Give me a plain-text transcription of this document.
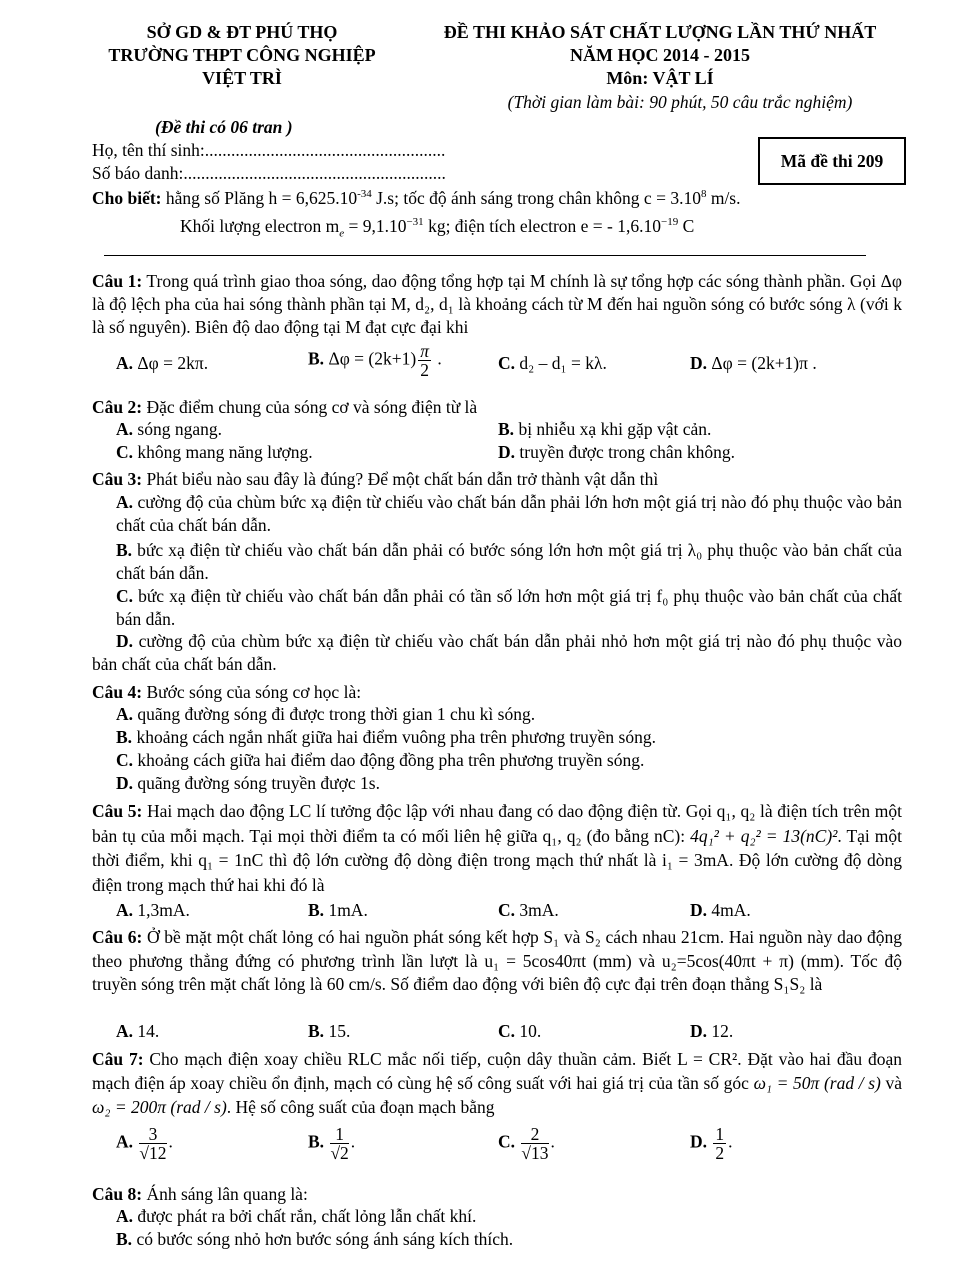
SỞ GD & ĐT PHÚ THỌ
TRƯỜNG THPT CÔNG NGHIỆP
VIỆT TRÌ
ĐỀ THI KHẢO SÁT CHẤT LƯỢNG LẦN THỨ NHẤT
NĂM HỌC 2014 - 2015
Môn: VẬT LÍ
(Thời gian làm bài: 90 phút, 50 câu trắc nghiệm)
(Đề thi có 06 tran )
Họ, tên thí sinh:.......................................................
Số báo danh:............................................................
Mã đề thi 209
Cho biết: hằng số Plăng $h = 6,625.10^{-34}$ J.s; tốc độ ánh sáng trong chân không $c = 3.10^8$ m/s.
Khối lượng electron $m_e = 9,1.10^{-31}$ kg; điện tích electron e = - $1,6.10^{-19}$ C
Câu 1: Trong quá trình giao thoa sóng, dao động tổng hợp tại M chính là sự tổng hợp các sóng thành phần. Gọi Δφ là độ lệch pha của hai sóng thành phần tại M, d₂, d₁ là khoảng cách từ M đến hai nguồn sóng có bước sóng λ (với k là số nguyên). Biên độ dao động tại M đạt cực đại khi
A. Δφ = 2kπ.	B. $\Delta\varphi = (2k+1) \frac{\pi}{2}$ .	C. d₂ – d₁ = kλ.	D. Δφ = (2k+1)π .
Câu 2: Đặc điểm chung của sóng cơ và sóng điện từ là
A. sóng ngang.	B. bị nhiễu xạ khi gặp vật cản.
C. không mang năng lượng.	D. truyền được trong chân không.
Câu 3: Phát biểu nào sau đây là đúng? Để một chất bán dẫn trở thành vật dẫn thì
A. cường độ của chùm bức xạ điện từ chiếu vào chất bán dẫn phải lớn hơn một giá trị nào đó phụ thuộc vào bản chất của chất bán dẫn.
B. bức xạ điện từ chiếu vào chất bán dẫn phải có bước sóng lớn hơn một giá trị λ₀ phụ thuộc vào bản chất của chất bán dẫn.
C. bức xạ điện từ chiếu vào chất bán dẫn phải có tần số lớn hơn một giá trị f₀ phụ thuộc vào bản chất của chất bán dẫn.
D. cường độ của chùm bức xạ điện từ chiếu vào chất bán dẫn phải nhỏ hơn một giá trị nào đó phụ thuộc vào bản chất của chất bán dẫn.
Câu 4: Bước sóng của sóng cơ học là:
A. quãng đường sóng đi được trong thời gian 1 chu kì sóng.
B. khoảng cách ngắn nhất giữa hai điểm vuông pha trên phương truyền sóng.
C. khoảng cách giữa hai điểm dao động đồng pha trên phương truyền sóng.
D. quãng đường sóng truyền được 1s.
Câu 5: Hai mạch dao động LC lí tưởng độc lập với nhau đang có dao động điện từ. Gọi q₁, q₂ là điện tích trên một bản tụ của mỗi mạch. Tại mọi thời điểm ta có mối liên hệ giữa q₁, q₂ (đo bằng nC): 4q₁² + q₂² = 13(nC)². Tại một thời điểm, khi q₁ = 1nC thì độ lớn cường độ dòng điện trong mạch thứ nhất là i₁ = 3mA. Độ lớn cường độ dòng điện trong mạch thứ hai khi đó là
A. 1,3mA.	B. 1mA.	C. 3mA.	D. 4mA.
Câu 6: Ở bề mặt một chất lỏng có hai nguồn phát sóng kết hợp S₁ và S₂ cách nhau 21cm. Hai nguồn này dao động theo phương thẳng đứng có phương trình lần lượt là u₁ = 5cos40πt (mm) và u₂=5cos(40πt + π) (mm). Tốc độ truyền sóng trên mặt chất lỏng là 60 cm/s. Số điểm dao động với biên độ cực đại trên đoạn thẳng S₁S₂ là
A. 14.	B. 15.	C. 10.	D. 12.
Câu 7: Cho mạch điện xoay chiều RLC mắc nối tiếp, cuộn dây thuần cảm. Biết L = CR². Đặt vào hai đầu đoạn mạch điện áp xoay chiều ổn định, mạch có cùng hệ số công suất với hai giá trị của tần số góc ω₁ = 50π (rad / s) và ω₂ = 200π (rad / s). Hệ số công suất của đoạn mạch bằng
A. $\frac{3}{√12}$ .	B. $\frac{1}{√2}$ .	C. $\frac{2}{√13}$ .	D. $\frac{1}{2}$ .
Câu 8: Ánh sáng lân quang là:
A. được phát ra bởi chất rắn, chất lỏng lẫn chất khí.
B. có bước sóng nhỏ hơn bước sóng ánh sáng kích thích.
